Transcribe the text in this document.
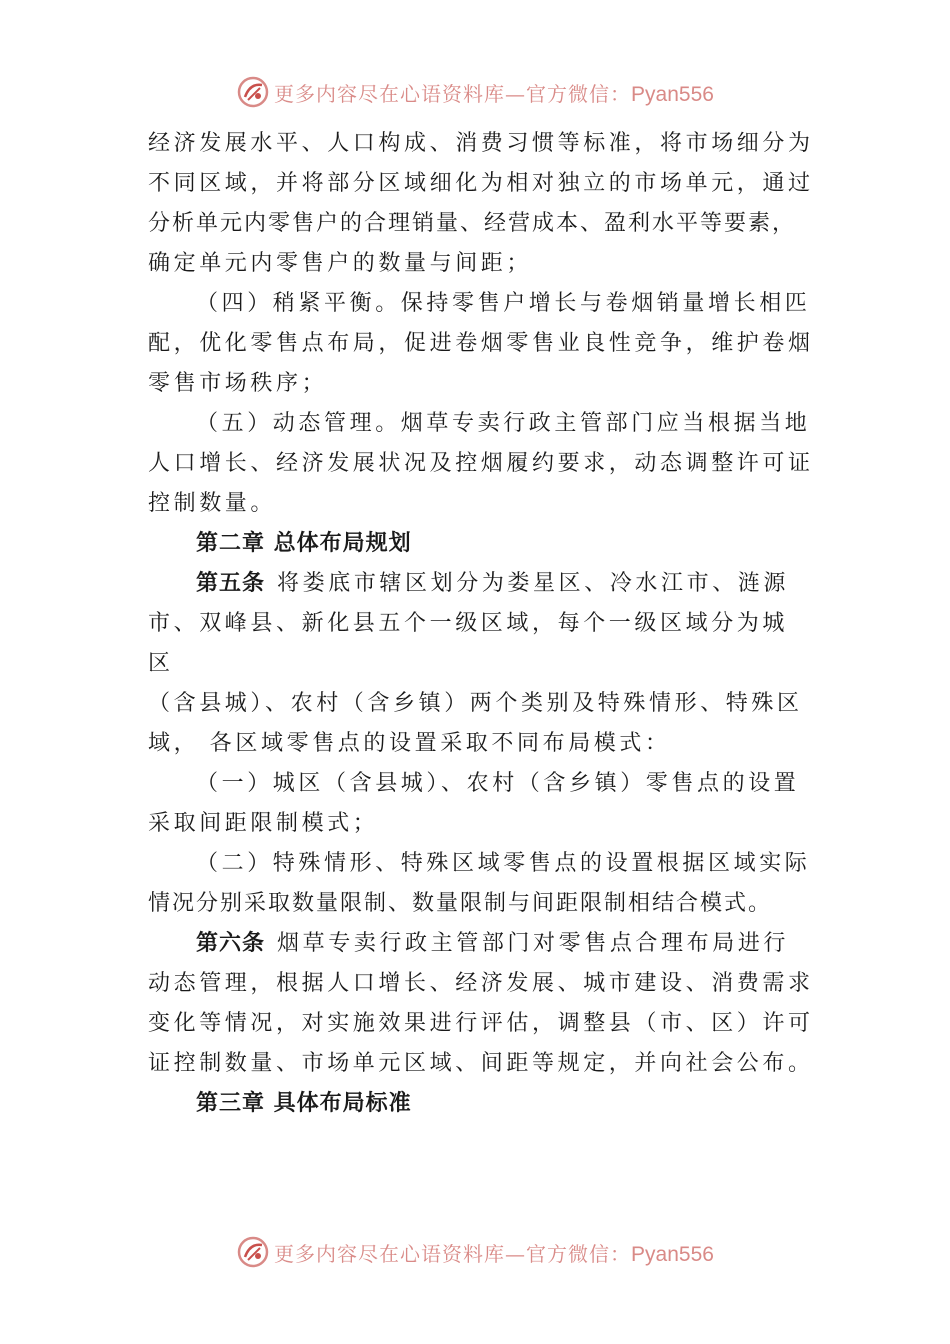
更多内容尽在心语资料库—官方微信：Pyan556
经济发展水平、人口构成、消费习惯等标准，将市场细分为
不同区域，并将部分区域细化为相对独立的市场单元，通过
分析单元内零售户的合理销量、经营成本、盈利水平等要素，
确定单元内零售户的数量与间距；
（四）稍紧平衡。保持零售户增长与卷烟销量增长相匹
配，优化零售点布局，促进卷烟零售业良性竞争，维护卷烟
零售市场秩序；
（五）动态管理。烟草专卖行政主管部门应当根据当地
人口增长、经济发展状况及控烟履约要求，动态调整许可证
控制数量。
第二章 总体布局规划
第五条 将娄底市辖区划分为娄星区、冷水江市、涟源
市、双峰县、新化县五个一级区域，每个一级区域分为城
区
（含县城）、农村（含乡镇）两个类别及特殊情形、特殊区
域， 各区域零售点的设置采取不同布局模式：
（一）城区（含县城）、农村（含乡镇）零售点的设置
采取间距限制模式；
（二）特殊情形、特殊区域零售点的设置根据区域实际
情况分别采取数量限制、数量限制与间距限制相结合模式。
第六条 烟草专卖行政主管部门对零售点合理布局进行
动态管理，根据人口增长、经济发展、城市建设、消费需求
变化等情况，对实施效果进行评估，调整县（市、区）许可
证控制数量、市场单元区域、间距等规定，并向社会公布。
第三章 具体布局标准
更多内容尽在心语资料库—官方微信：Pyan556
